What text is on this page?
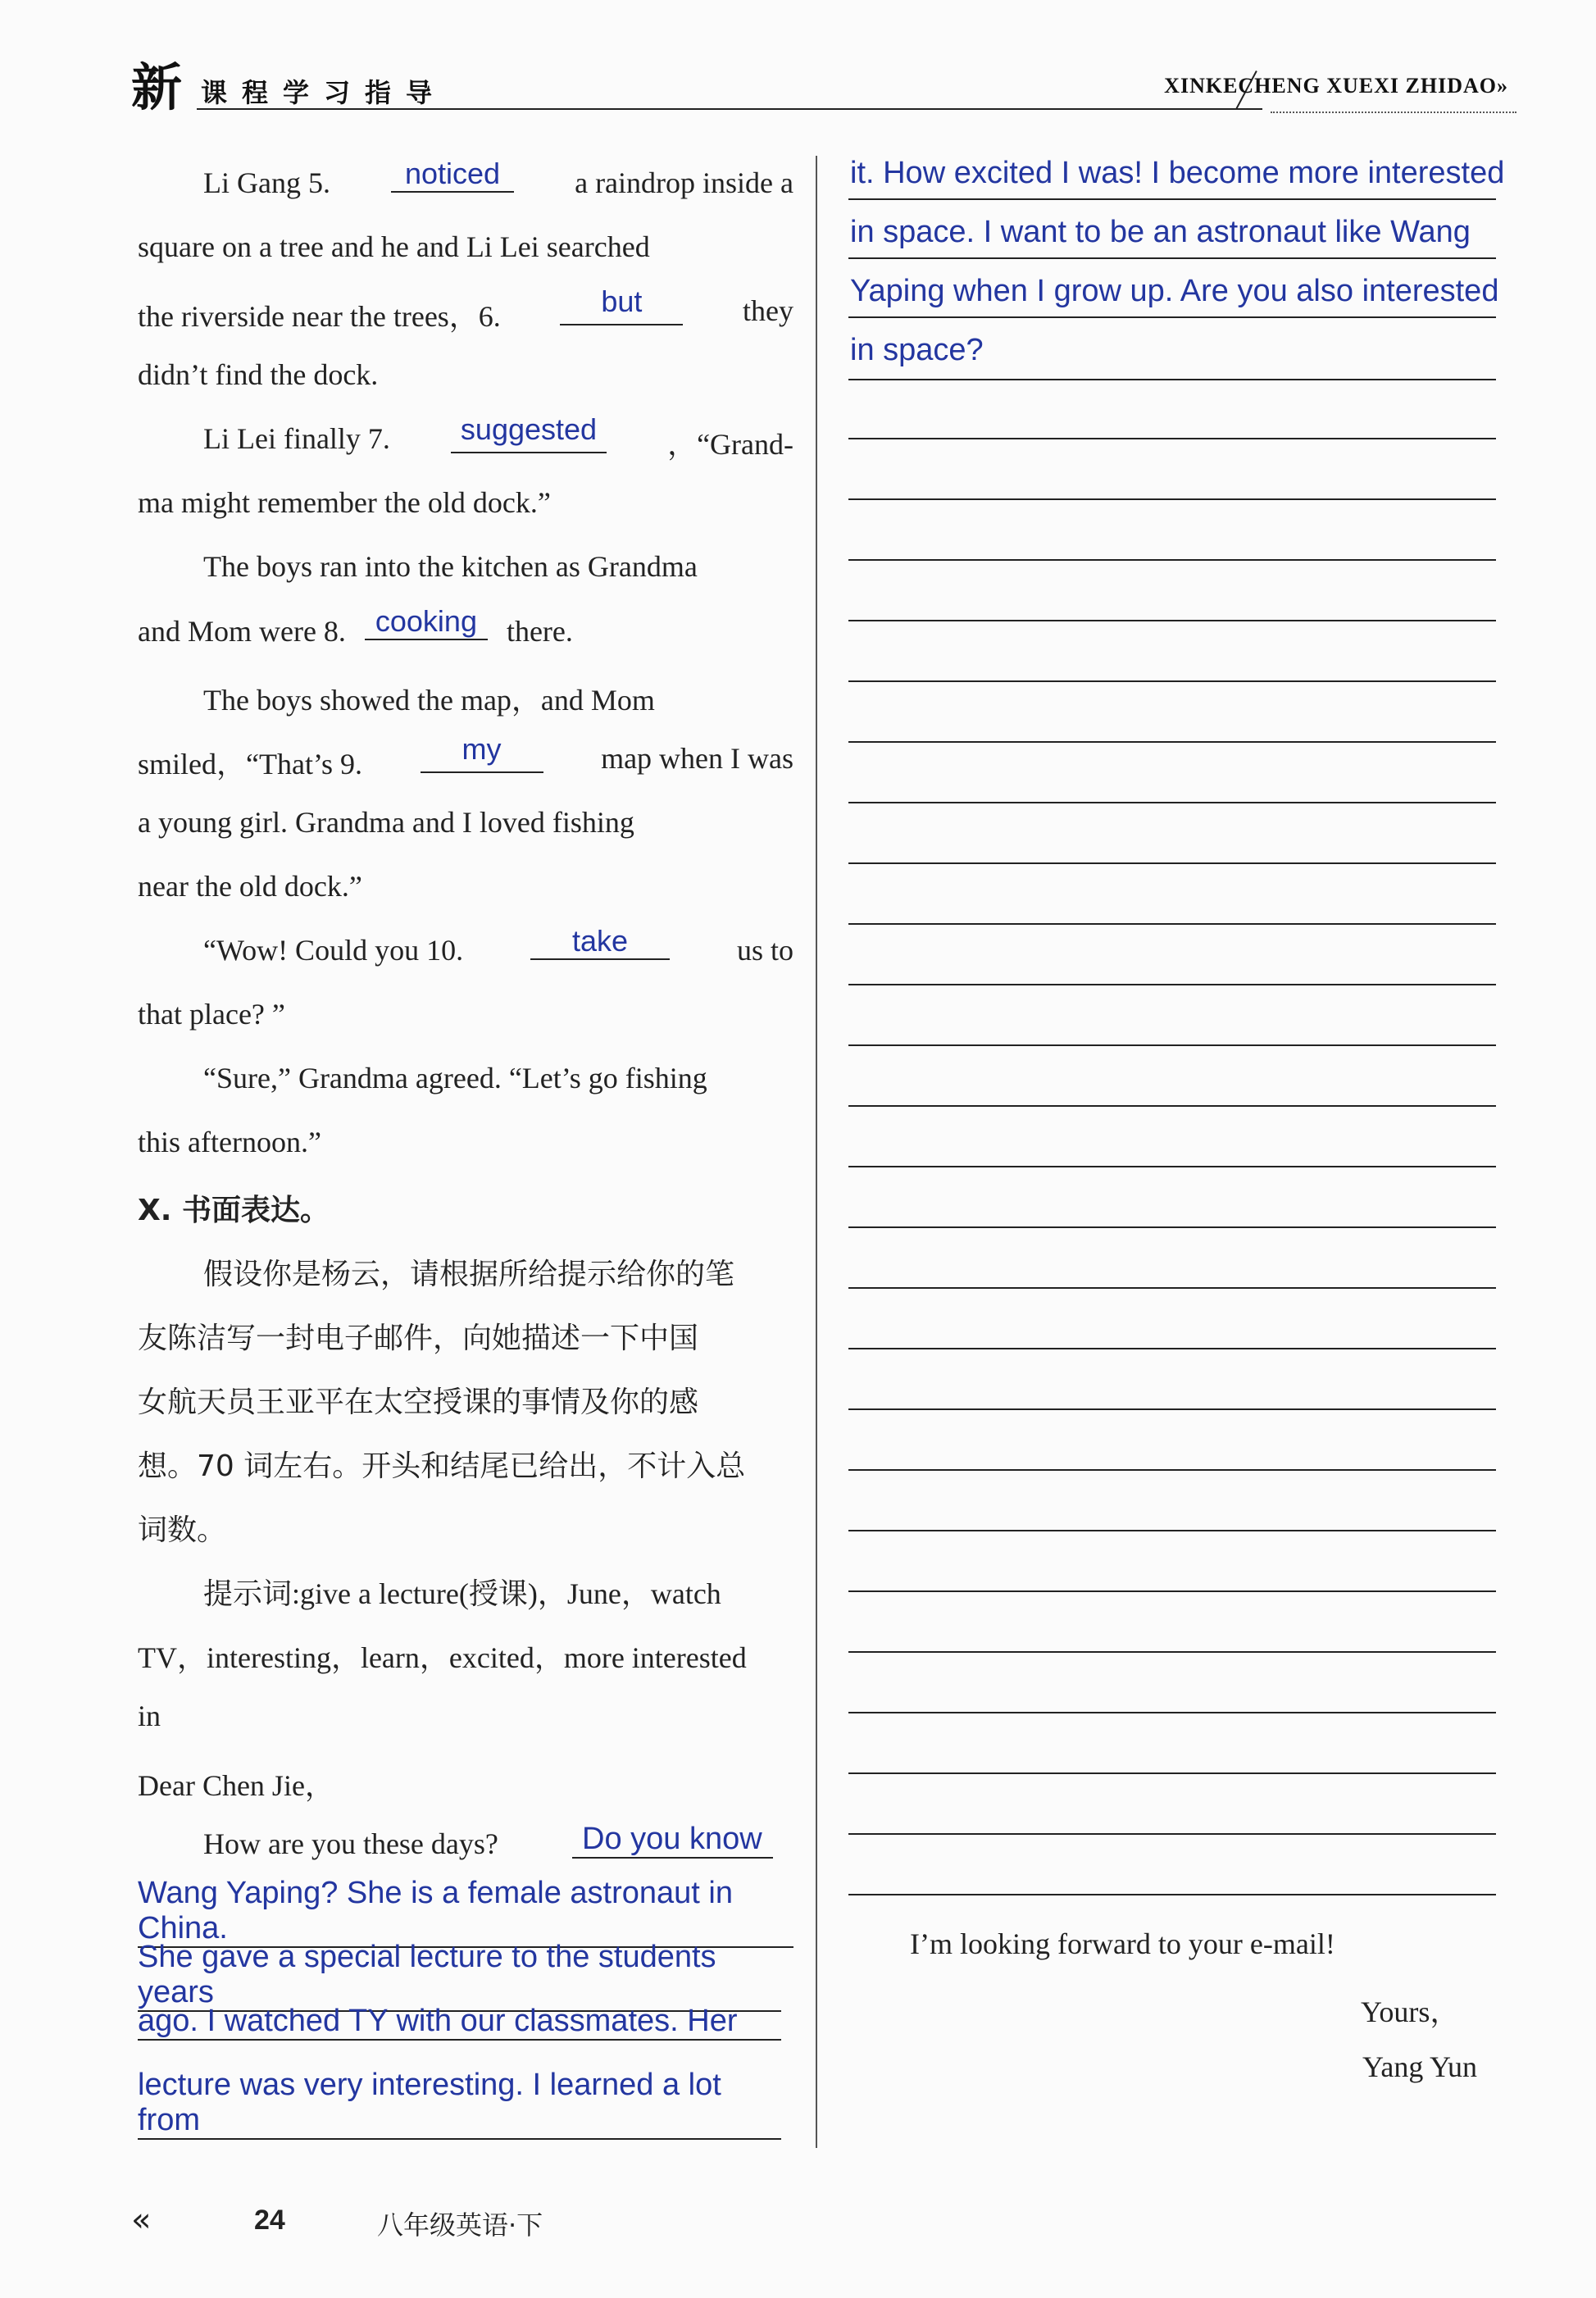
新 课程学习指导	XINKECHENG XUEXI ZHIDAO»
Li Gang 5.	noticed	a raindrop inside a
square on a tree and he and Li Lei searched
the riverside near the trees，6.	but	they
didn’t find the dock.
Li Lei finally 7.	suggested	，“Grand-
ma might remember the old dock.”
The boys ran into the kitchen as Grandma
and Mom were 8. cooking there.
The boys showed the map，and Mom
smiled，“That’s 9.	my	map when I was
a young girl. Grandma and I loved fishing
near the old dock.”
“Wow! Could you 10.	take	us to
that place? ”
“Sure,” Grandma agreed. “Let’s go fishing
this afternoon.”
X. 书面表达。
假设你是杨云，请根据所给提示给你的笔
友陈洁写一封电子邮件，向她描述一下中国
女航天员王亚平在太空授课的事情及你的感
想。70 词左右。开头和结尾已给出，不计入总
词数。
提示词:give a lecture(授课)，June，watch
TV，interesting，learn，excited，more interested
in
Dear Chen Jie，
How are you these days?	Do you know
Wang Yaping? She is a female astronaut in China.
She gave a special lecture to the students years
ago. I watched TY with our classmates. Her
lecture was very interesting. I learned a lot from
it. How excited I was! I become more interested
in space. I want to be an astronaut like Wang
Yaping when I grow up. Are you also interested
in space?
I’m looking forward to your e-mail!
Yours，
Yang Yun
«	24	八年级英语·下
